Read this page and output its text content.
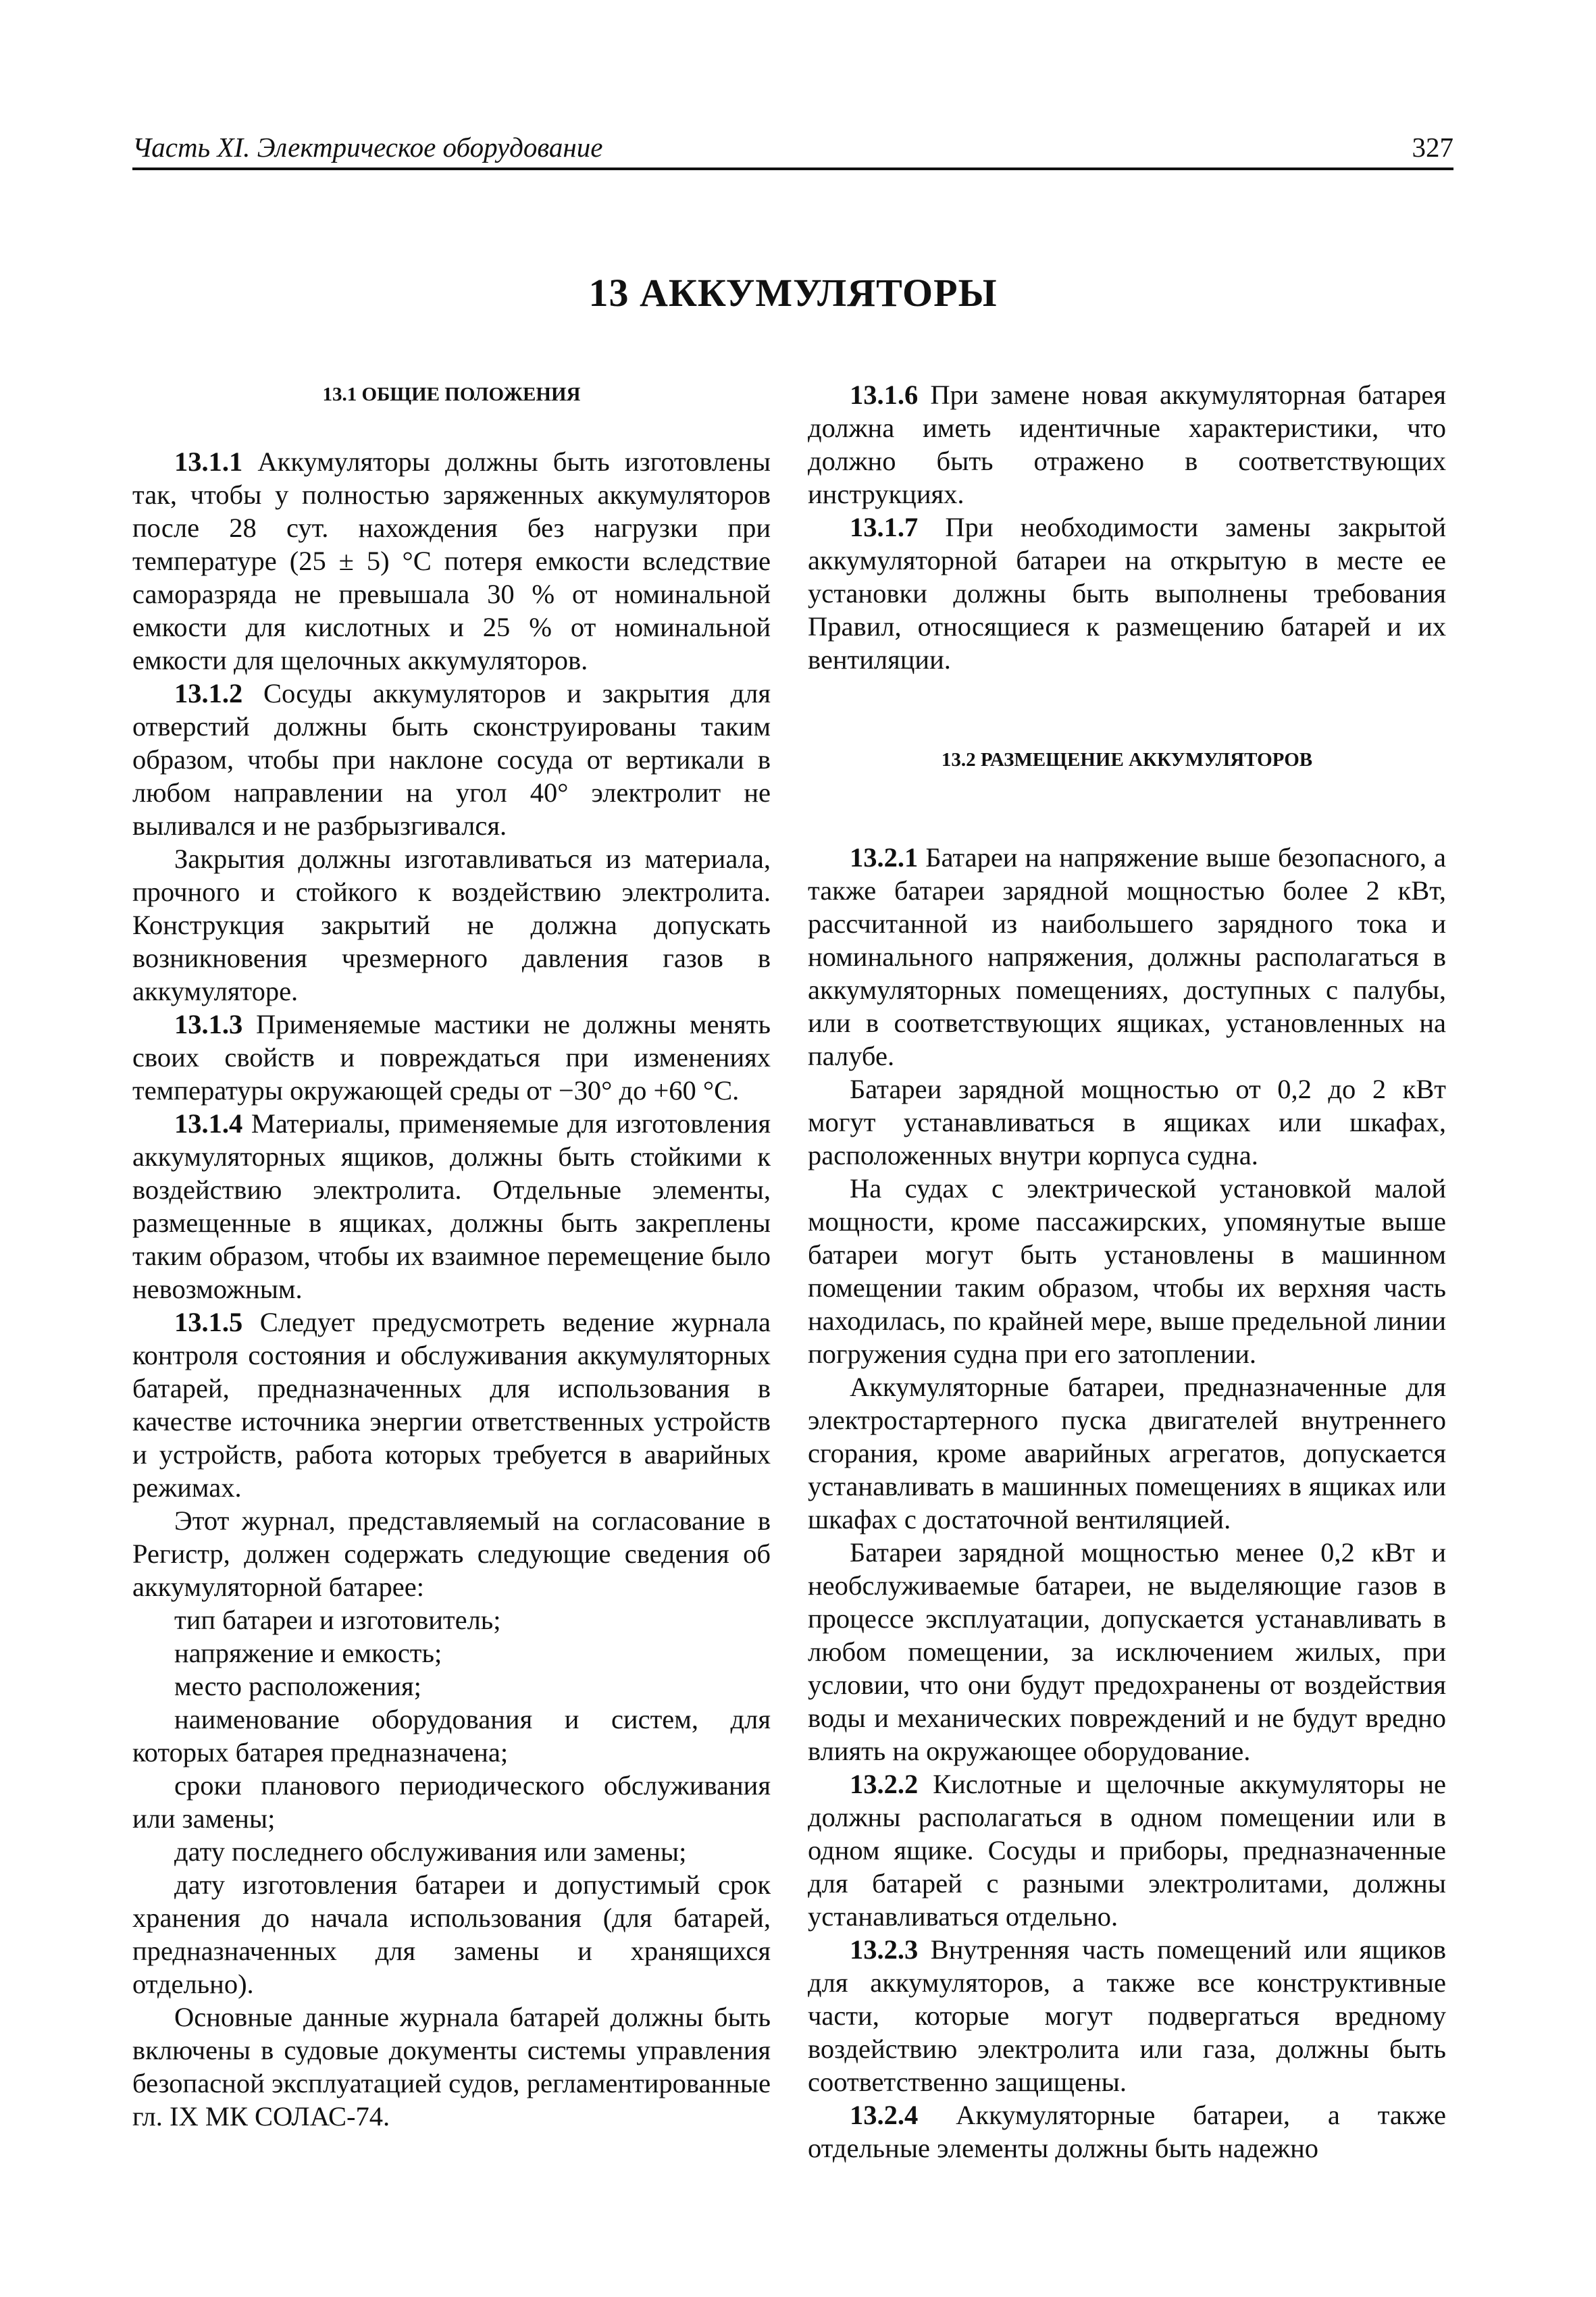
Часть XI. Электрическое оборудование	327
13 АККУМУЛЯТОРЫ
13.1 ОБЩИЕ ПОЛОЖЕНИЯ

13.1.1 Аккумуляторы должны быть изготовлены так, чтобы у полностью заряженных аккумуляторов после 28 сут. нахождения без нагрузки при температуре (25 ± 5) °С потеря емкости вследствие саморазряда не превышала 30 % от номинальной емкости для кислотных и 25 % от номинальной емкости для щелочных аккумуляторов.

13.1.2 Сосуды аккумуляторов и закрытия для отверстий должны быть сконструированы таким образом, чтобы при наклоне сосуда от вертикали в любом направлении на угол 40° электролит не выливался и не разбрызгивался.

Закрытия должны изготавливаться из материала, прочного и стойкого к воздействию электролита. Конструкция закрытий не должна допускать возникновения чрезмерного давления газов в аккумуляторе.

13.1.3 Применяемые мастики не должны менять своих свойств и повреждаться при изменениях температуры окружающей среды от −30° до +60 °С.

13.1.4 Материалы, применяемые для изготовления аккумуляторных ящиков, должны быть стойкими к воздействию электролита. Отдельные элементы, размещенные в ящиках, должны быть закреплены таким образом, чтобы их взаимное перемещение было невозможным.

13.1.5 Следует предусмотреть ведение журнала контроля состояния и обслуживания аккумуляторных батарей, предназначенных для использования в качестве источника энергии ответственных устройств и устройств, работа которых требуется в аварийных режимах.

Этот журнал, представляемый на согласование в Регистр, должен содержать следующие сведения об аккумуляторной батарее:

тип батареи и изготовитель;

напряжение и емкость;

место расположения;

наименование оборудования и систем, для которых батарея предназначена;

сроки планового периодического обслуживания или замены;

дату последнего обслуживания или замены;

дату изготовления батареи и допустимый срок хранения до начала использования (для батарей, предназначенных для замены и хранящихся отдельно).

Основные данные журнала батарей должны быть включены в судовые документы системы управления безопасной эксплуатацией судов, регламентированные гл. IX МК СОЛАС-74.

13.1.6 При замене новая аккумуляторная батарея должна иметь идентичные характеристики, что должно быть отражено в соответствующих инструкциях.

13.1.7 При необходимости замены закрытой аккумуляторной батареи на открытую в месте ее установки должны быть выполнены требования Правил, относящиеся к размещению батарей и их вентиляции.

13.2 РАЗМЕЩЕНИЕ АККУМУЛЯТОРОВ

13.2.1 Батареи на напряжение выше безопасного, а также батареи зарядной мощностью более 2 кВт, рассчитанной из наибольшего зарядного тока и номинального напряжения, должны располагаться в аккумуляторных помещениях, доступных с палубы, или в соответствующих ящиках, установленных на палубе.

Батареи зарядной мощностью от 0,2 до 2 кВт могут устанавливаться в ящиках или шкафах, расположенных внутри корпуса судна.

На судах с электрической установкой малой мощности, кроме пассажирских, упомянутые выше батареи могут быть установлены в машинном помещении таким образом, чтобы их верхняя часть находилась, по крайней мере, выше предельной линии погружения судна при его затоплении.

Аккумуляторные батареи, предназначенные для электростартерного пуска двигателей внутреннего сгорания, кроме аварийных агрегатов, допускается устанавливать в машинных помещениях в ящиках или шкафах с достаточной вентиляцией.

Батареи зарядной мощностью менее 0,2 кВт и необслуживаемые батареи, не выделяющие газов в процессе эксплуатации, допускается устанавливать в любом помещении, за исключением жилых, при условии, что они будут предохранены от воздействия воды и механических повреждений и не будут вредно влиять на окружающее оборудование.

13.2.2 Кислотные и щелочные аккумуляторы не должны располагаться в одном помещении или в одном ящике. Сосуды и приборы, предназначенные для батарей с разными электролитами, должны устанавливаться отдельно.

13.2.3 Внутренняя часть помещений или ящиков для аккумуляторов, а также все конструктивные части, которые могут подвергаться вредному воздействию электролита или газа, должны быть соответственно защищены.

13.2.4 Аккумуляторные батареи, а также отдельные элементы должны быть надежно
